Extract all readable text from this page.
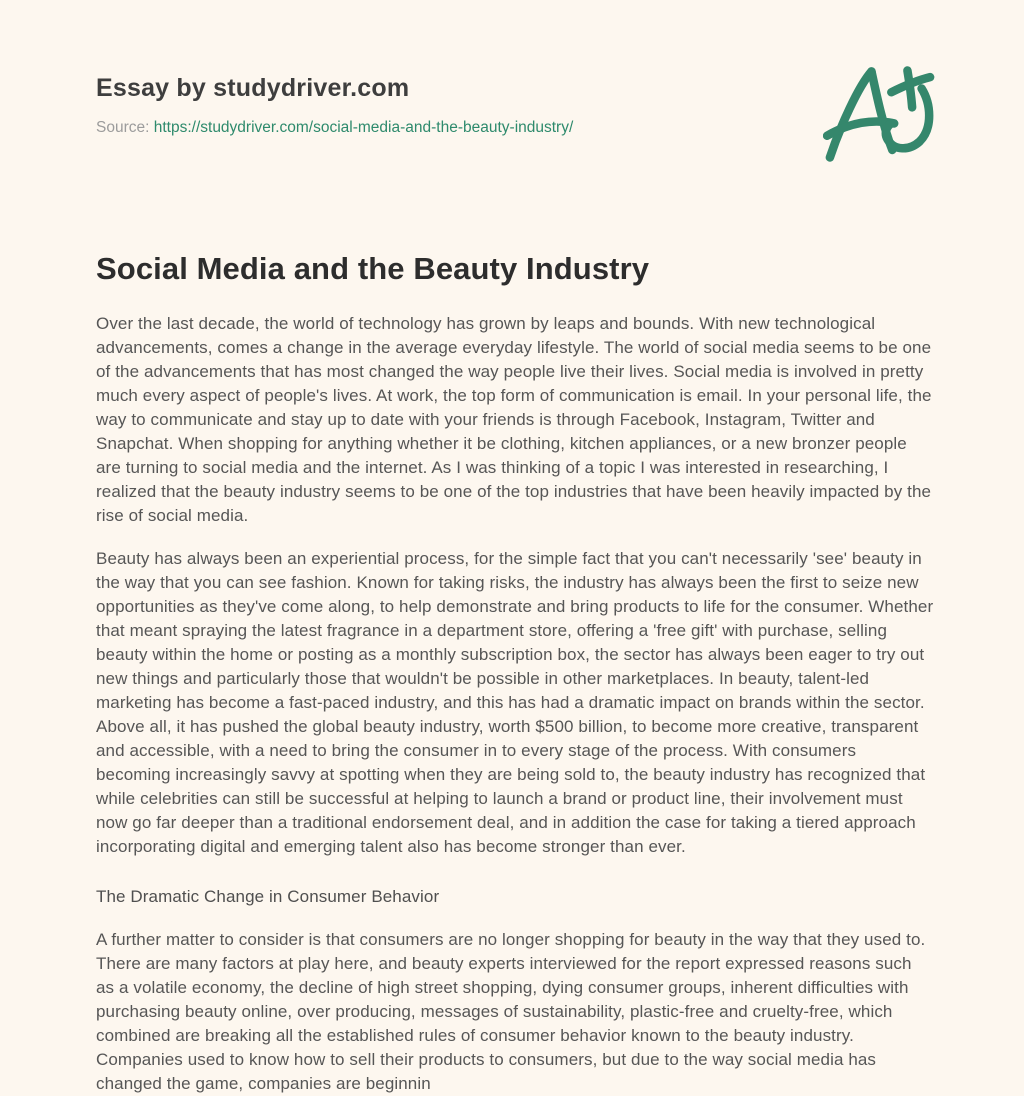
Essay by studydriver.com

Source: https://studydriver.com/social-media-and-the-beauty-industry/

Social Media and the Beauty Industry

Over the last decade, the world of technology has grown by leaps and bounds. With new technological advancements, comes a change in the average everyday lifestyle. The world of social media seems to be one of the advancements that has most changed the way people live their lives. Social media is involved in pretty much every aspect of people's lives. At work, the top form of communication is email. In your personal life, the way to communicate and stay up to date with your friends is through Facebook, Instagram, Twitter and Snapchat. When shopping for anything whether it be clothing, kitchen appliances, or a new bronzer people are turning to social media and the internet. As I was thinking of a topic I was interested in researching, I realized that the beauty industry seems to be one of the top industries that have been heavily impacted by the rise of social media.

Beauty has always been an experiential process, for the simple fact that you can't necessarily 'see' beauty in the way that you can see fashion. Known for taking risks, the industry has always been the first to seize new opportunities as they've come along, to help demonstrate and bring products to life for the consumer. Whether that meant spraying the latest fragrance in a department store, offering a 'free gift' with purchase, selling beauty within the home or posting as a monthly subscription box, the sector has always been eager to try out new things and particularly those that wouldn't be possible in other marketplaces. In beauty, talent-led marketing has become a fast-paced industry, and this has had a dramatic impact on brands within the sector. Above all, it has pushed the global beauty industry, worth $500 billion, to become more creative, transparent and accessible, with a need to bring the consumer in to every stage of the process. With consumers becoming increasingly savvy at spotting when they are being sold to, the beauty industry has recognized that while celebrities can still be successful at helping to launch a brand or product line, their involvement must now go far deeper than a traditional endorsement deal, and in addition the case for taking a tiered approach incorporating digital and emerging talent also has become stronger than ever.

The Dramatic Change in Consumer Behavior

A further matter to consider is that consumers are no longer shopping for beauty in the way that they used to. There are many factors at play here, and beauty experts interviewed for the report expressed reasons such as a volatile economy, the decline of high street shopping, dying consumer groups, inherent difficulties with purchasing beauty online, over producing, messages of sustainability, plastic-free and cruelty-free, which combined are breaking all the established rules of consumer behavior known to the beauty industry. Companies used to know how to sell their products to consumers, but due to the way social media has changed the game, companies are beginnin
